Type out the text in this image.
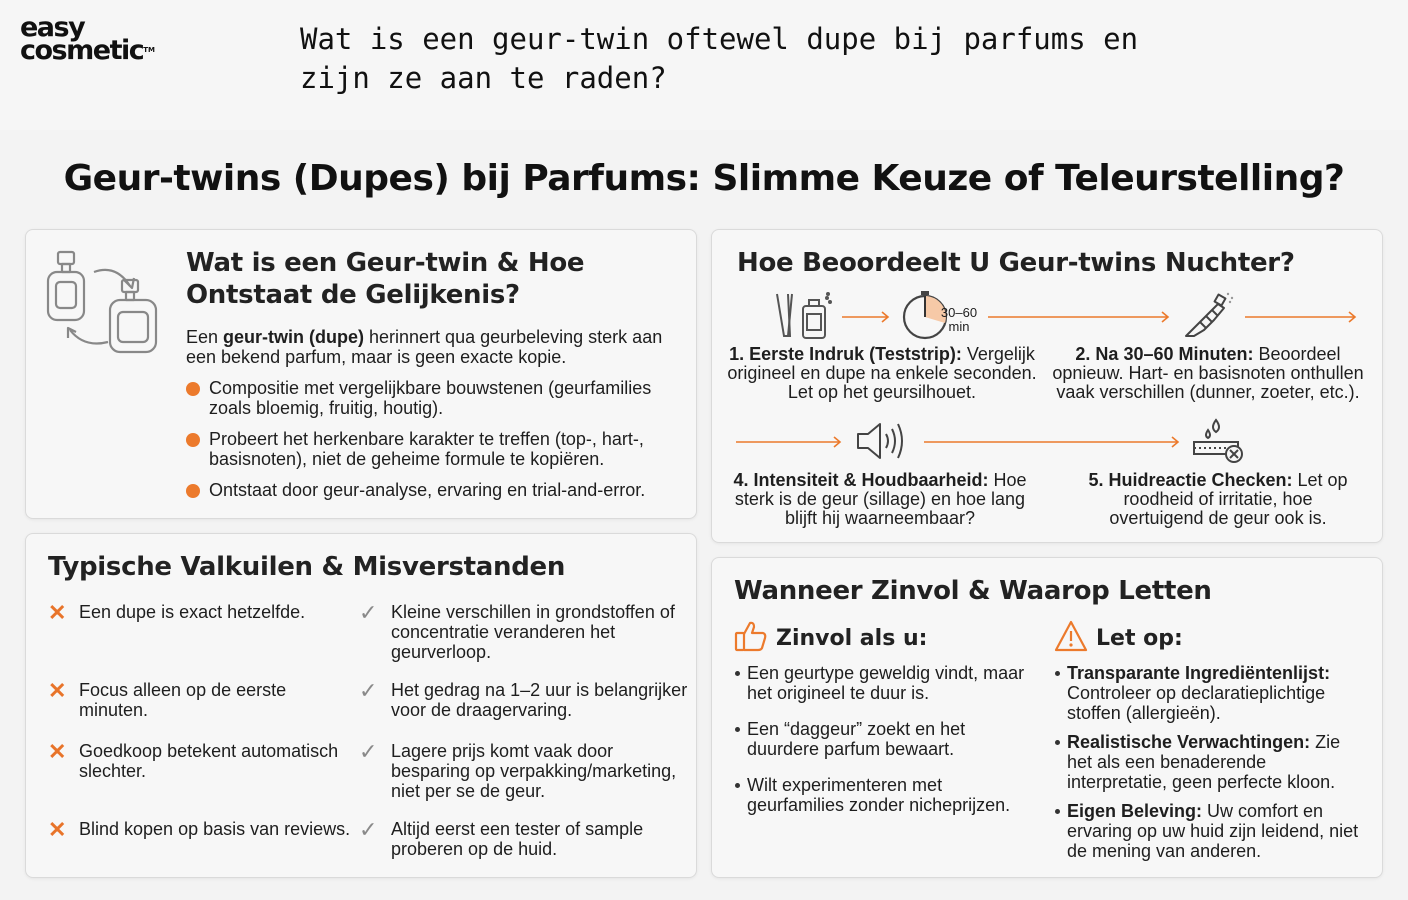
easy
cosmetic™	Wat is een geur-twin oftewel dupe bij parfums en zijn ze aan te raden?
Geur-twins (Dupes) bij Parfums: Slimme Keuze of Teleurstelling?
Wat is een Geur-twin & Hoe Ontstaat de Gelijkenis?
Een geur-twin (dupe) herinnert qua geurbeleving sterk aan een bekend parfum, maar is geen exacte kopie.
Compositie met vergelijkbare bouwstenen (geurfamilies zoals bloemig, fruitig, houtig).
Probeert het herkenbare karakter te treffen (top-, hart-, basisnoten), niet de geheime formule te kopiëren.
Ontstaat door geur-analyse, ervaring en trial-and-error.
Hoe Beoordeelt U Geur-twins Nuchter?
30–60
min
1. Eerste Indruk (Teststrip): Vergelijk origineel en dupe na enkele seconden. Let op het geursilhouet.
2. Na 30–60 Minuten: Beoordeel opnieuw. Hart- en basisnoten onthullen vaak verschillen (dunner, zoeter, etc.).
4. Intensiteit & Houdbaarheid: Hoe sterk is de geur (sillage) en hoe lang blijft hij waarneembaar?
5. Huidreactie Checken: Let op roodheid of irritatie, hoe overtuigend de geur ook is.
Typische Valkuilen & Misverstanden
✕ Een dupe is exact hetzelfde.	✓ Kleine verschillen in grondstoffen of concentratie veranderen het geurverloop.
✕ Focus alleen op de eerste minuten.
✓ Het gedrag na 1–2 uur is belangrijker voor de draagervaring.
✕ Goedkoop betekent automatisch slechter.
✓ Lagere prijs komt vaak door besparing op verpakking/marketing, niet per se de geur.
✕ Blind kopen op basis van reviews. ✓ Altijd eerst een tester of sample proberen op de huid.
Wanneer Zinvol & Waarop Letten
Zinvol als u:
Een geurtype geweldig vindt, maar het origineel te duur is.
Een “daggeur” zoekt en het duurdere parfum bewaart.
Wilt experimenteren met geurfamilies zonder nicheprijzen.
Let op:
Transparante Ingrediëntenlijst: Controleer op declaratieplichtige stoffen (allergieën).
Realistische Verwachtingen: Zie het als een benaderende interpretatie, geen perfecte kloon.
Eigen Beleving: Uw comfort en ervaring op uw huid zijn leidend, niet de mening van anderen.
